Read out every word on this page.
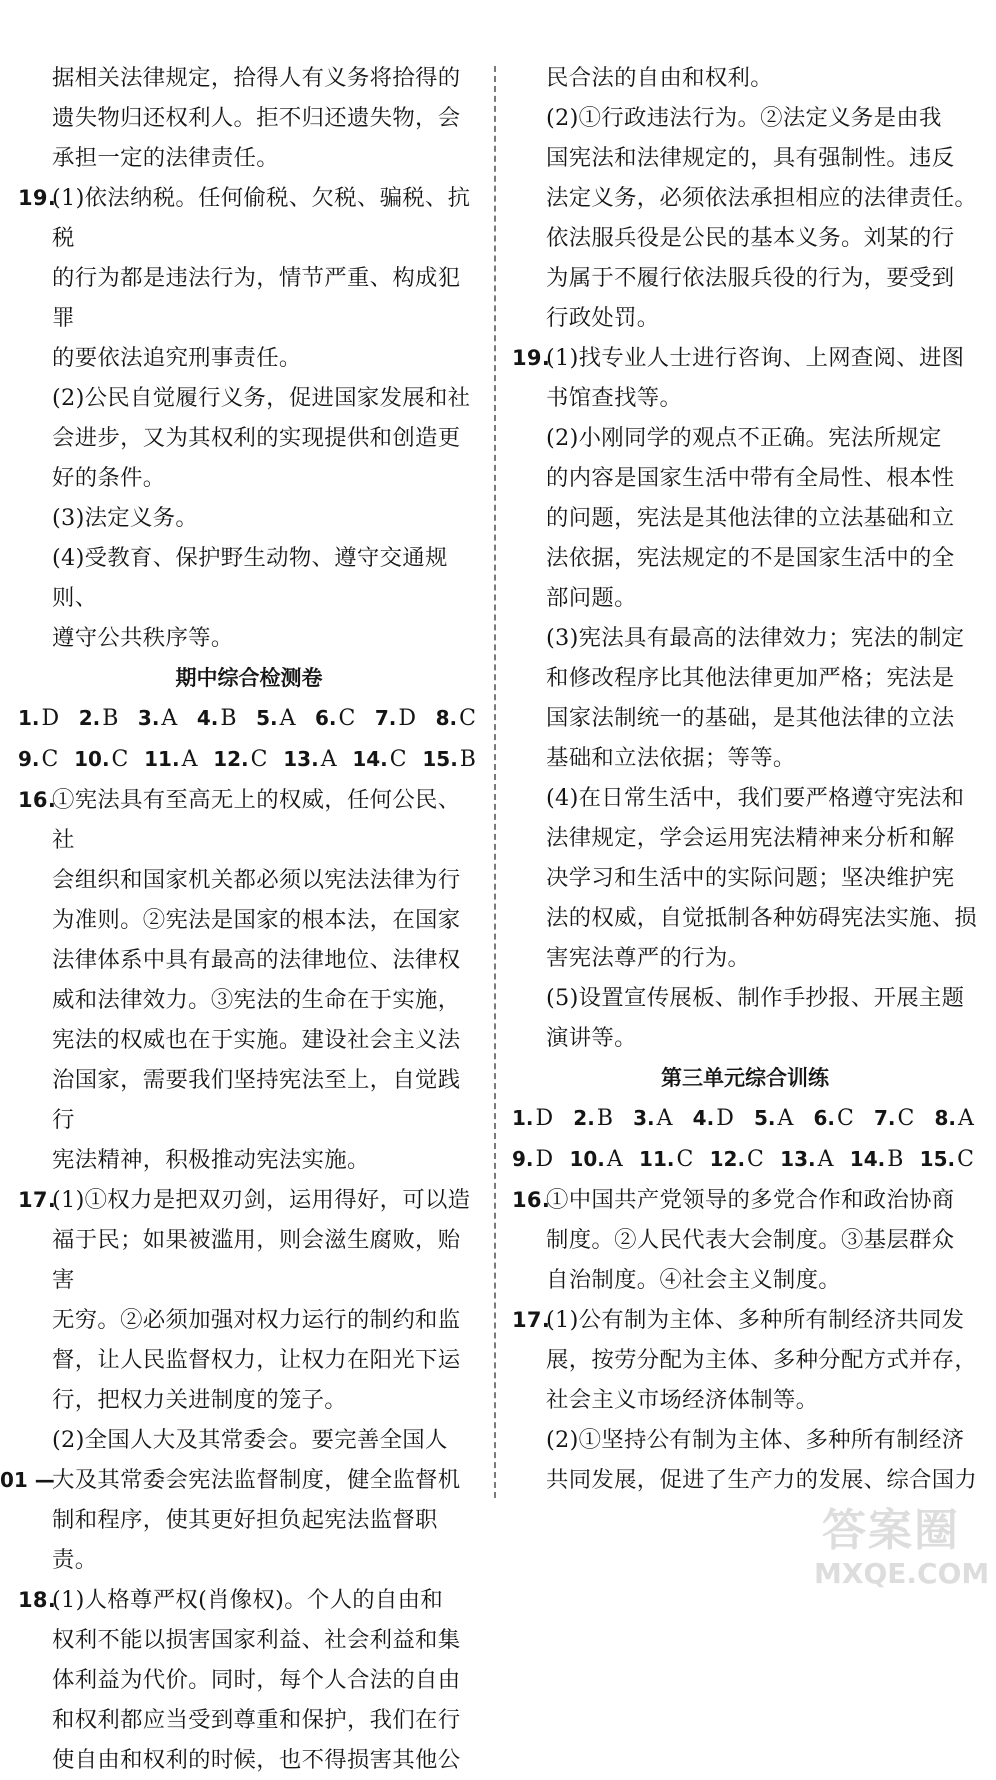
据相关法律规定，拾得人有义务将拾得的

遗失物归还权利人。拒不归还遗失物，会

承担一定的法律责任。

19.

(1)依法纳税。任何偷税、欠税、骗税、抗税

的行为都是违法行为，情节严重、构成犯罪

的要依法追究刑事责任。

(2)公民自觉履行义务，促进国家发展和社

会进步，又为其权利的实现提供和创造更

好的条件。

(3)法定义务。

(4)受教育、保护野生动物、遵守交通规则、

遵守公共秩序等。

期中综合检测卷
1.D 2.B 3.A 4.B 5.A 6.C 7.D 8.C
9.C 10.C 11.A 12.C 13.A 14.C 15.B
16.

①宪法具有至高无上的权威，任何公民、社

会组织和国家机关都必须以宪法法律为行

为准则。②宪法是国家的根本法，在国家

法律体系中具有最高的法律地位、法律权

威和法律效力。③宪法的生命在于实施，

宪法的权威也在于实施。建设社会主义法

治国家，需要我们坚持宪法至上，自觉践行

宪法精神，积极推动宪法实施。

17.

(1)①权力是把双刃剑，运用得好，可以造

福于民；如果被滥用，则会滋生腐败，贻害

无穷。②必须加强对权力运行的制约和监

督，让人民监督权力，让权力在阳光下运

行，把权力关进制度的笼子。

(2)全国人大及其常委会。要完善全国人

大及其常委会宪法监督制度，健全监督机

制和程序，使其更好担负起宪法监督职责。

18.

(1)人格尊严权(肖像权)。个人的自由和

权利不能以损害国家利益、社会利益和集

体利益为代价。同时，每个人合法的自由

和权利都应当受到尊重和保护，我们在行

使自由和权利的时候，也不得损害其他公

民合法的自由和权利。

(2)①行政违法行为。②法定义务是由我

国宪法和法律规定的，具有强制性。违反

法定义务，必须依法承担相应的法律责任。

依法服兵役是公民的基本义务。刘某的行

为属于不履行依法服兵役的行为，要受到

行政处罚。

19.

(1)找专业人士进行咨询、上网查阅、进图

书馆查找等。

(2)小刚同学的观点不正确。宪法所规定

的内容是国家生活中带有全局性、根本性

的问题，宪法是其他法律的立法基础和立

法依据，宪法规定的不是国家生活中的全

部问题。

(3)宪法具有最高的法律效力；宪法的制定

和修改程序比其他法律更加严格；宪法是

国家法制统一的基础，是其他法律的立法

基础和立法依据；等等。

(4)在日常生活中，我们要严格遵守宪法和

法律规定，学会运用宪法精神来分析和解

决学习和生活中的实际问题；坚决维护宪

法的权威，自觉抵制各种妨碍宪法实施、损

害宪法尊严的行为。

(5)设置宣传展板、制作手抄报、开展主题

演讲等。

第三单元综合训练
1.D 2.B 3.A 4.D 5.A 6.C 7.C 8.A
9.D 10.A 11.C 12.C 13.A 14.B 15.C
16.

①中国共产党领导的多党合作和政治协商

制度。②人民代表大会制度。③基层群众

自治制度。④社会主义制度。

17.

(1)公有制为主体、多种所有制经济共同发

展，按劳分配为主体、多种分配方式并存，

社会主义市场经济体制等。

(2)①坚持公有制为主体、多种所有制经济

共同发展，促进了生产力的发展、综合国力

01 —
答案圈
MXQE.COM
